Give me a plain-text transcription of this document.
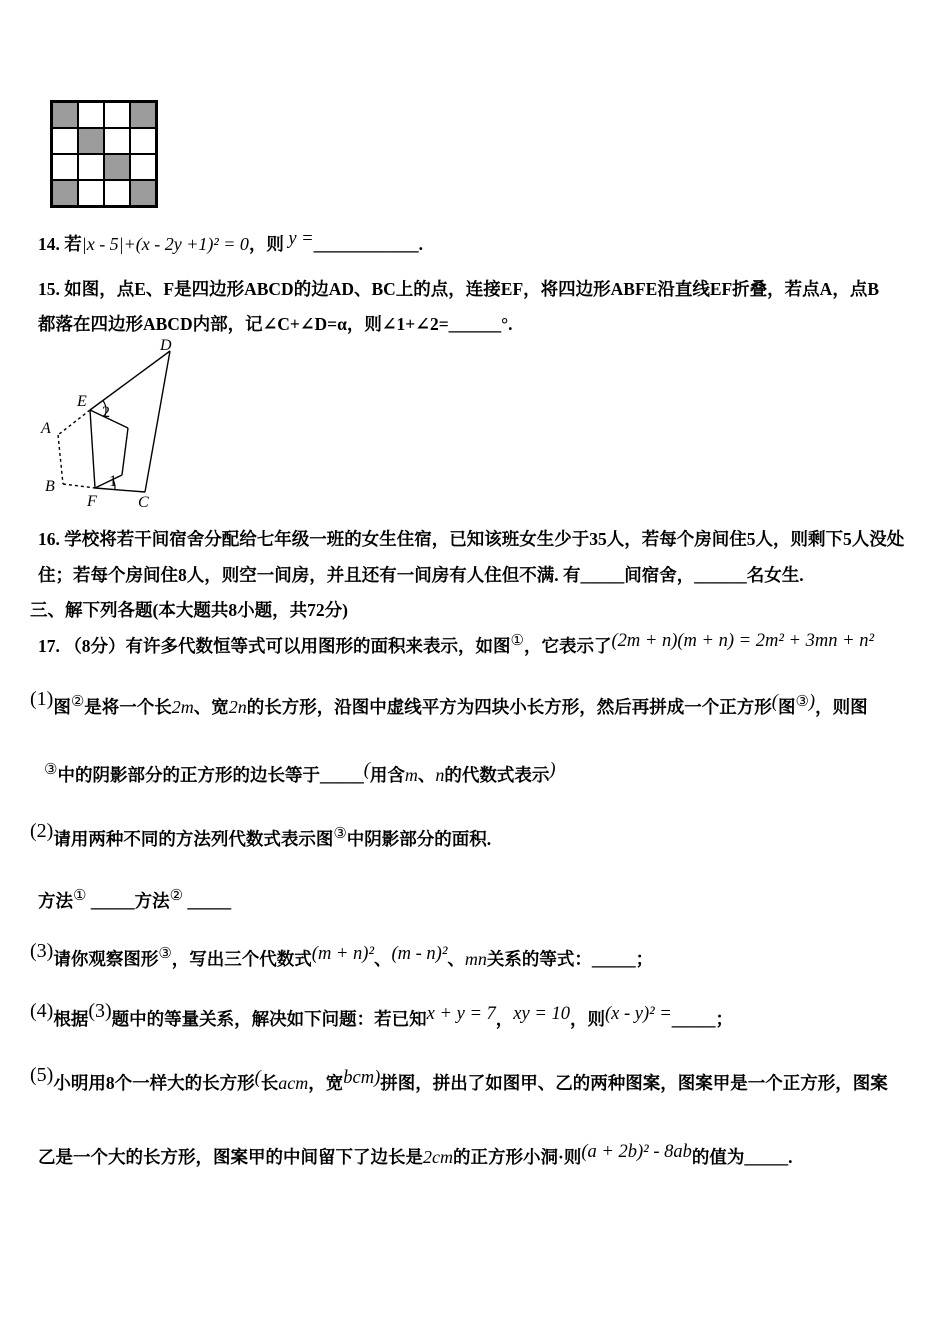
14. 若|x - 5|+(x - 2y +1)² = 0，则 y =____________.
15. 如图，点E、F是四边形ABCD的边AD、BC上的点，连接EF，将四边形ABFE沿直线EF折叠，若点A，点B
都落在四边形ABCD内部，记∠C+∠D=α，则∠1+∠2=______°.
D
E
A
B
F	C
2
1
16. 学校将若干间宿舍分配给七年级一班的女生住宿，已知该班女生少于35人，若每个房间住5人，则剩下5人没处
住；若每个房间住8人，则空一间房，并且还有一间房有人住但不满. 有_____间宿舍，______名女生.
三、解下列各题(本大题共8小题，共72分)
17. （8分）有许多代数恒等式可以用图形的面积来表示，如图①，它表示了(2m + n)(m + n) = 2m² + 3mn + n²
(1)图②是将一个长2m、宽2n的长方形，沿图中虚线平方为四块小长方形，然后再拼成一个正方形(图③)，则图
③中的阴影部分的正方形的边长等于_____(用含m、n的代数式表示)
(2)请用两种不同的方法列代数式表示图③中阴影部分的面积.
方法① _____方法② _____
(3)请你观察图形③，写出三个代数式(m + n)²、(m - n)²、mn关系的等式：_____；
(4)根据(3)题中的等量关系，解决如下问题：若已知x + y = 7，xy = 10，则(x - y)² =_____；
(5)小明用8个一样大的长方形(长acm，宽bcm)拼图，拼出了如图甲、乙的两种图案，图案甲是一个正方形，图案
乙是一个大的长方形，图案甲的中间留下了边长是2cm的正方形小洞·则(a + 2b)² - 8ab的值为_____.
